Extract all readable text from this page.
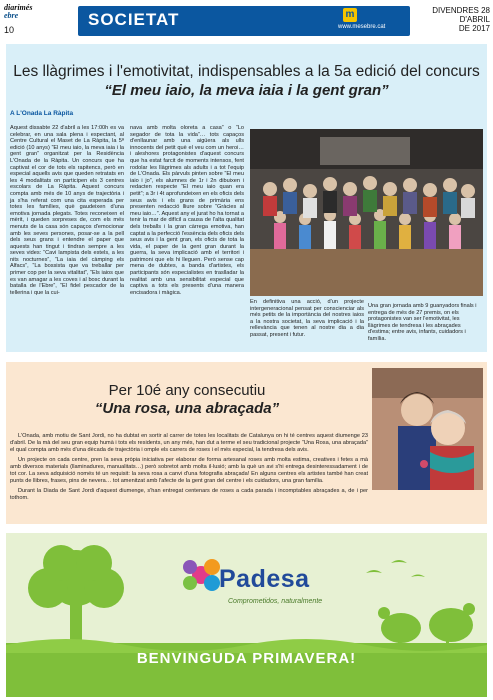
diarimés
ebre
10
SOCIETAT	m
www.mesebre.cat
DIVENDRES 28
D'ABRIL
DE 2017
Les llàgrimes i l'emotivitat, indispensables a la 5a edició del concurs
“El meu iaio, la meva iaia i la gent gran”
A L'Onada La Ràpita
Aquest dissabte 22 d'abril a les 17:00h es va celebrar, en una sala plena i espectant, al Centre Cultural el Maset de La Ràpita, la 5ª edició (10 anys) “El meu iaio, la meva iaia i la gent gran” organitzat per la Residència L'Onada de la Ràpita. Un concurs que ha captivat el cor de tots els rapitencs, però en especial aquells avis que queden retratats en les 4 modalitats on participen els 3 centres escolars de La Ràpita. Aquest concurs compta amb més de 10 anys de trajectòria i ja s'ha referat com una cita esperada per totes les famílies, què gaudeixen d'una emotiva jornada plegats. Totes reconeixen el mèrit, i queden sorpreses de, com els més menuts de la casa són capaços d'emocionar amb les seves persones, posar-se a la pell dels seus grans i entendre el paper que aquests han tingut i tindran sempre a les seves vides: “Cavi lampista dels estels, a les nits nocturnes”, “La iaia del càmping els Alfacs”, “La bossista que va treballar per primer cop per la seva vitalitat”, “Els iaios que es van amagar a les coves i al bosc durant la batalla de l'Ebre”, “El fidel pescador de la tellerina i que la cui-
nava amb molta oloreta a casa” o “Lo segador de tota la vida”… tots capaços d'enllaunar amb una aigüera als ulls innocents del petit què el veu com un heroi… i aleshores protagonistes d'aquest concurs que ha estat farcit de moments intensos, fent rodolar les llàgrimes als adults i a tot l'equip de L'Onada. Els pàrvuls pinten sobre “El meu iaio i jo”, els alumnes de 1r i 2n dibuixen i redacten respecte “El meu iaio quan era petit”; a 3r i 4t aprofundeixen en els oficis dels seus avis i els grans de primària ens presenten redacció lliure sobre “Gràcies al meu iaio…”. Aquest any el jurat ho ha tornat a tenir la mar de difícil a causa de l'alta qualitat dels treballs i la gran càrrega emotiva, han captat a la perfecció l'essència dels oficis dels seus avis i la gent gran, els oficis de tota la vida, el paper de la gent gran durant la guerra, la seva implicació amb el territori i patrimoni que els hi lleguen. Però sense cap mena de dubtes, a banda d'artistes, els participants són especialistes en traslladar la realitat amb una sensibilitat especial que captiva a tots els presents d'una manera encisadora i màgica.
En definitiva una acció, d'un projecte intergeneracional pensat per conscienciar als més petits de la importància del nostres iaios a la nostra societat, la seva implicació i la rellevància que tenen al nostre dia a dia passat, present i futur.
Una gran jornada amb 9 guanyadors finals i entrega de més de 27 premis, on els protagonistes van ser l'emotivitat, les llàgrimes de tendresa i les abraçades d'estima; entre avis, infants, cuidadors i família.
Per 10é any consecutiu
“Una rosa, una abraçada”

L'Onada, amb motiu de Sant Jordi, no ha dubtat en sortir al carrer de totes les localitats de Catalunya on hi té centres aquest diumenge 23 d'abril. De la mà del seu gran equip humà i tots els residents, un any més, han dut a terme el seu tradicional projecte “Una Rosa, una abraçada” el qual compta amb més d'una dècada de trajectòria i omple els carrers de roses i el més especial, la tendresa dels avis.

Un projecte on cada centre, pren la seva pròpia iniciativa per elaborar de forma artesanal roses amb molta estima, creatives i fetes a mà amb diversos materials (llaminadures, manualitats…) però sobretot amb molta il·lusió; amb la què un avi s'hi entrega desinteressadament i de tot cor. La seva adquisició només té un requisit: la seva rosa a canvi d'una fotografia abraçada! En alguns centres els artistes també han creat punts de llibres, frases, pins de nevera… tot amenitzat amb l'afecte de la gent gran del centre i els cuidadors, una gran família.

Durant la Diada de Sant Jordi d'aquest diumenge, s'han entregat centenars de roses a cada parada i incomptables abraçades a, de i per tothom.

Padesa
Comprometidos, naturalmente
BENVINGUDA PRIMAVERA!
